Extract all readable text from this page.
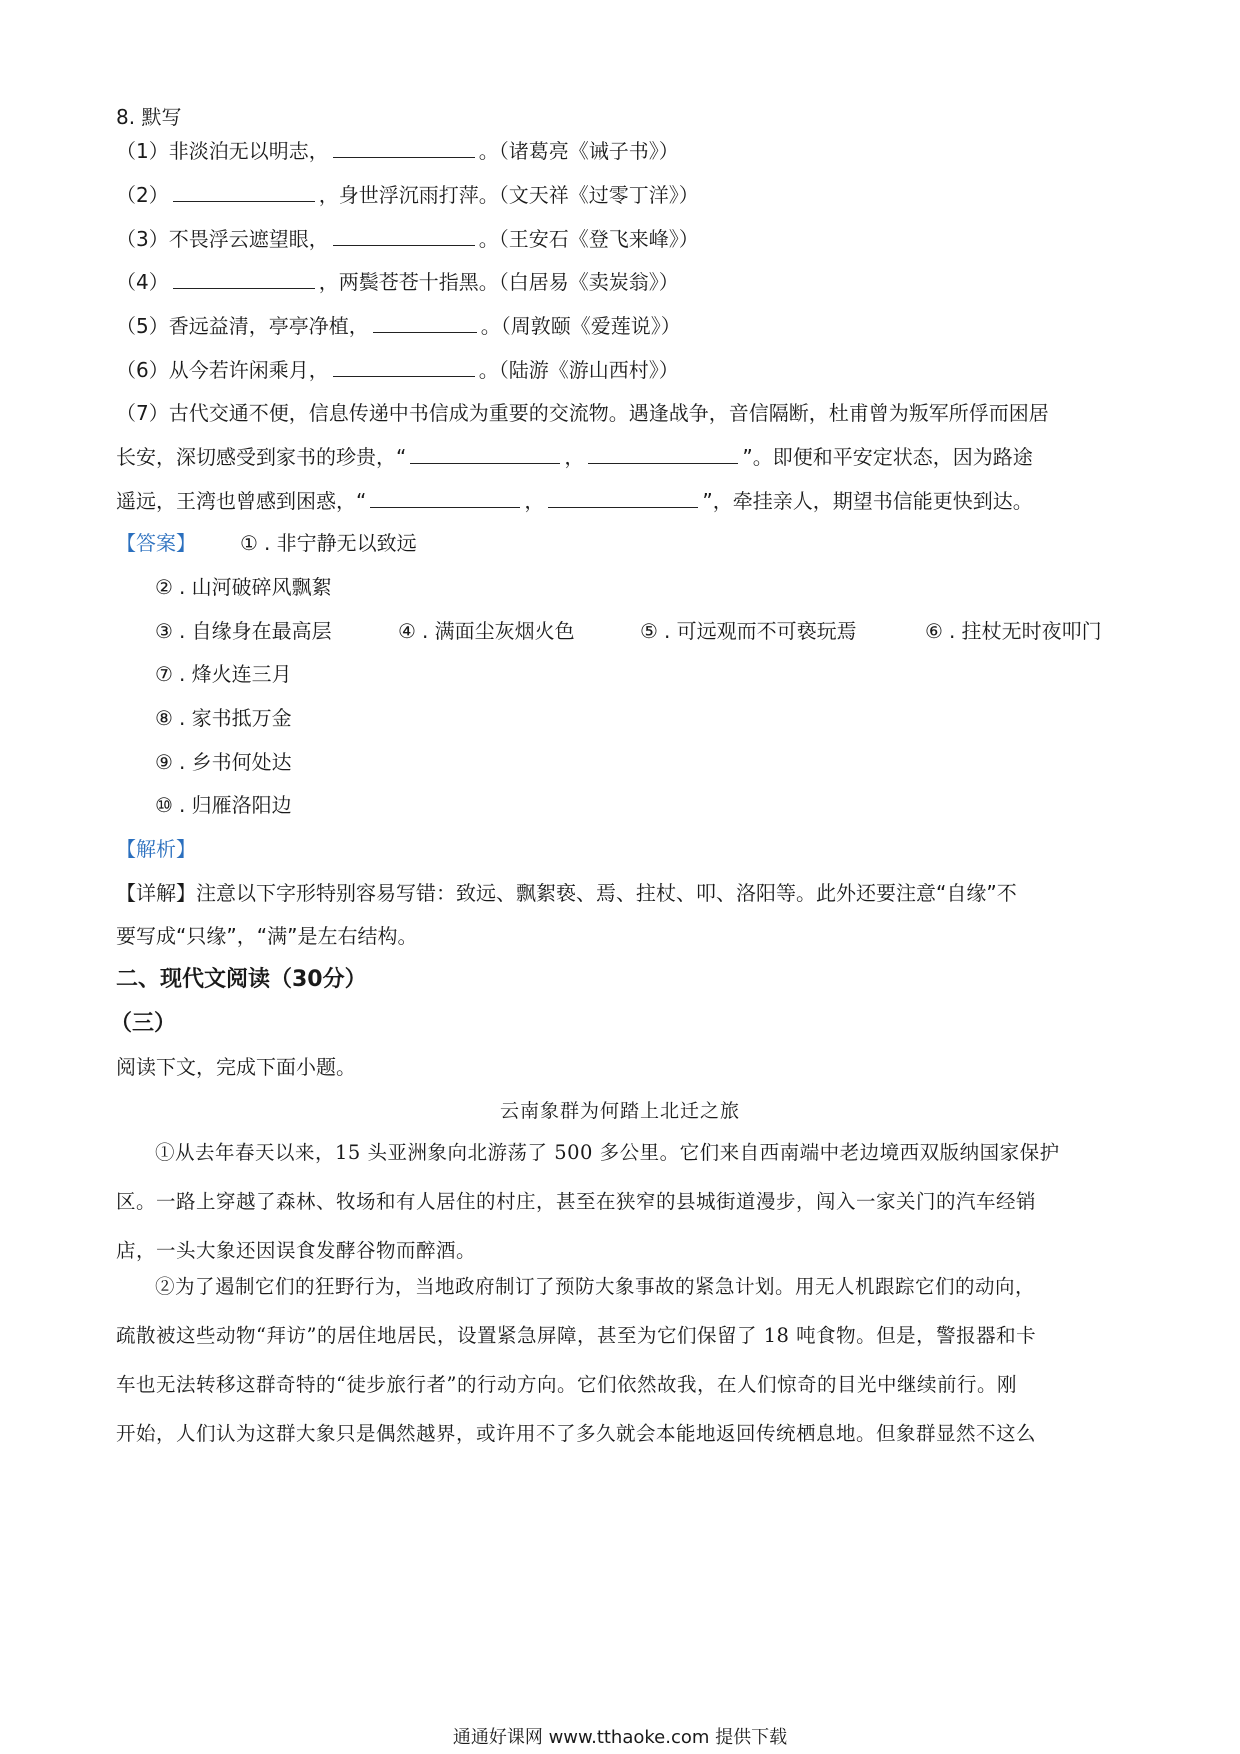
8. 默写
（1）非淡泊无以明志，	。（诸葛亮《诫子书》）
（2）	，身世浮沉雨打萍。（文天祥《过零丁洋》）
（3）不畏浮云遮望眼，	。（王安石《登飞来峰》）
（4）	，两鬓苍苍十指黑。（白居易《卖炭翁》）
（5）香远益清，亭亭净植，	。（周敦颐《爱莲说》）
（6）从今若许闲乘月，	。（陆游《游山西村》）
（7）古代交通不便，信息传递中书信成为重要的交流物。遇逢战争，音信隔断，杜甫曾为叛军所俘而困居
长安，深切感受到家书的珍贵，“	，	”。即便和平安定状态，因为路途
遥远，王湾也曾感到困惑，“	，	”，牵挂亲人，期望书信能更快到达。
【答案】 ① . 非宁静无以致远
② . 山河破碎风飘絮
③ . 自缘身在最高层	④ . 满面尘灰烟火色	⑤ . 可远观而不可亵玩焉	⑥ . 拄杖无时夜叩门
⑦ . 烽火连三月
⑧ . 家书抵万金
⑨ . 乡书何处达
⑩ . 归雁洛阳边
【解析】
【详解】注意以下字形特别容易写错：致远、飘絮亵、焉、拄杖、叩、洛阳等。此外还要注意“自缘”不
要写成“只缘”，“满”是左右结构。
二、现代文阅读（30分）
（三）
阅读下文，完成下面小题。
云南象群为何踏上北迁之旅
①从去年春天以来，15 头亚洲象向北游荡了 500 多公里。它们来自西南端中老边境西双版纳国家保护
区。一路上穿越了森林、牧场和有人居住的村庄，甚至在狭窄的县城街道漫步，闯入一家关门的汽车经销
店，一头大象还因误食发酵谷物而醉酒。
②为了遏制它们的狂野行为，当地政府制订了预防大象事故的紧急计划。用无人机跟踪它们的动向，
疏散被这些动物“拜访”的居住地居民，设置紧急屏障，甚至为它们保留了 18 吨食物。但是，警报器和卡
车也无法转移这群奇特的“徒步旅行者”的行动方向。它们依然故我，在人们惊奇的目光中继续前行。刚
开始，人们认为这群大象只是偶然越界，或许用不了多久就会本能地返回传统栖息地。但象群显然不这么
通通好课网 www.tthaoke.com 提供下载
